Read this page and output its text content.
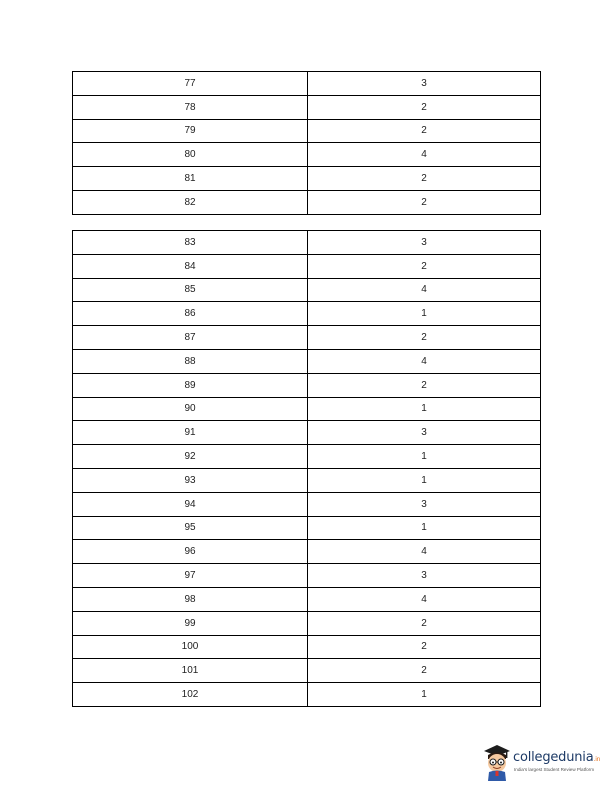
77	3
78	2
79	2
80	4
81	2
82	2
83	3
84	2
85	4
86	1
87	2
88	4
89	2
90	1
91	3
92	1
93	1
94	3
95	1
96	4
97	3
98	4
99	2
100	2
101	2
102	1
collegedunia.in
India's largest Student Review Platform
